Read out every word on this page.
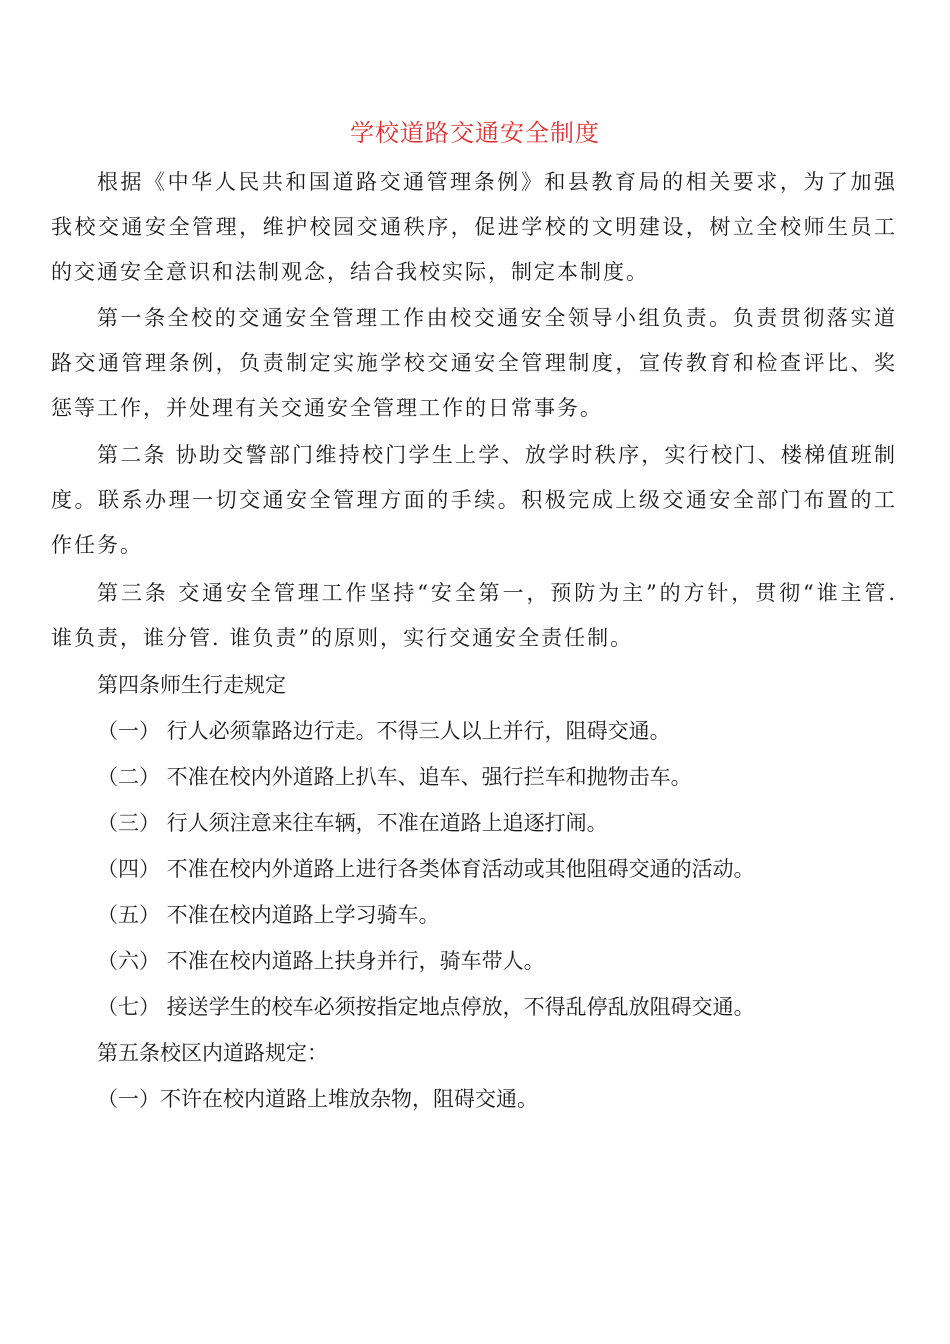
学校道路交通安全制度
根据《中华人民共和国道路交通管理条例》和县教育局的相关要求，为了加强我校交通安全管理，维护校园交通秩序，促进学校的文明建设，树立全校师生员工的交通安全意识和法制观念，结合我校实际，制定本制度。
第一条全校的交通安全管理工作由校交通安全领导小组负责。负责贯彻落实道路交通管理条例，负责制定实施学校交通安全管理制度，宣传教育和检查评比、奖惩等工作，并处理有关交通安全管理工作的日常事务。
第二条 协助交警部门维持校门学生上学、放学时秩序，实行校门、楼梯值班制度。联系办理一切交通安全管理方面的手续。积极完成上级交通安全部门布置的工作任务。
第三条 交通安全管理工作坚持“安全第一，预防为主”的方针，贯彻“谁主管. 谁负责，谁分管. 谁负责”的原则，实行交通安全责任制。
第四条师生行走规定
（一） 行人必须靠路边行走。不得三人以上并行，阻碍交通。
（二） 不准在校内外道路上扒车、追车、强行拦车和抛物击车。
（三） 行人须注意来往车辆，不准在道路上追逐打闹。
（四） 不准在校内外道路上进行各类体育活动或其他阻碍交通的活动。
（五） 不准在校内道路上学习骑车。
（六） 不准在校内道路上扶身并行，骑车带人。
（七） 接送学生的校车必须按指定地点停放，不得乱停乱放阻碍交通。
第五条校区内道路规定：
（一）不许在校内道路上堆放杂物，阻碍交通。
